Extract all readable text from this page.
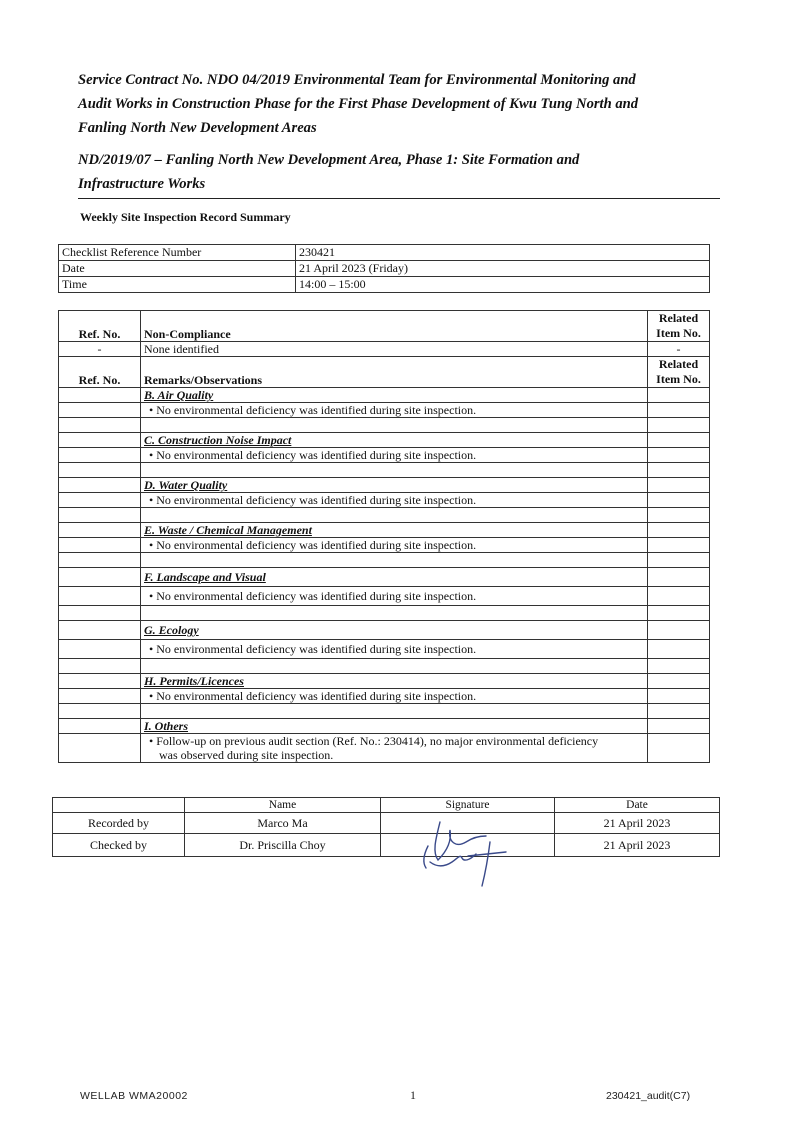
Service Contract No. NDO 04/2019 Environmental Team for Environmental Monitoring and

Audit Works in Construction Phase for the First Phase Development of Kwu Tung North and

Fanling North New Development Areas

ND/2019/07 – Fanling North New Development Area, Phase 1: Site Formation and

Infrastructure Works

Weekly Site Inspection Record Summary
Checklist Reference Number	230421
Date	21 April 2023 (Friday)
Time	14:00 – 15:00
Ref. No.	Non-Compliance	Related
Item No.
-	None identified	-
Ref. No.	Remarks/Observations	Related
Item No.
	B. Air Quality	
	• No environmental deficiency was identified during site inspection.	

	C. Construction Noise Impact	
	• No environmental deficiency was identified during site inspection.	

	D. Water Quality	
	• No environmental deficiency was identified during site inspection.	

	E. Waste / Chemical Management	
	• No environmental deficiency was identified during site inspection.	

	F. Landscape and Visual	
	• No environmental deficiency was identified during site inspection.	

	G. Ecology	
	• No environmental deficiency was identified during site inspection.	

	H. Permits/Licences	
	• No environmental deficiency was identified during site inspection.	

	I. Others	
	• Follow-up on previous audit section (Ref. No.: 230414), no major environmental deficiency
was observed during site inspection.	

	Name	Signature	Date
Recorded by	Marco Ma		21 April 2023
Checked by	Dr. Priscilla Choy		21 April 2023
WELLAB WMA20002	1	230421_audit(C7)
